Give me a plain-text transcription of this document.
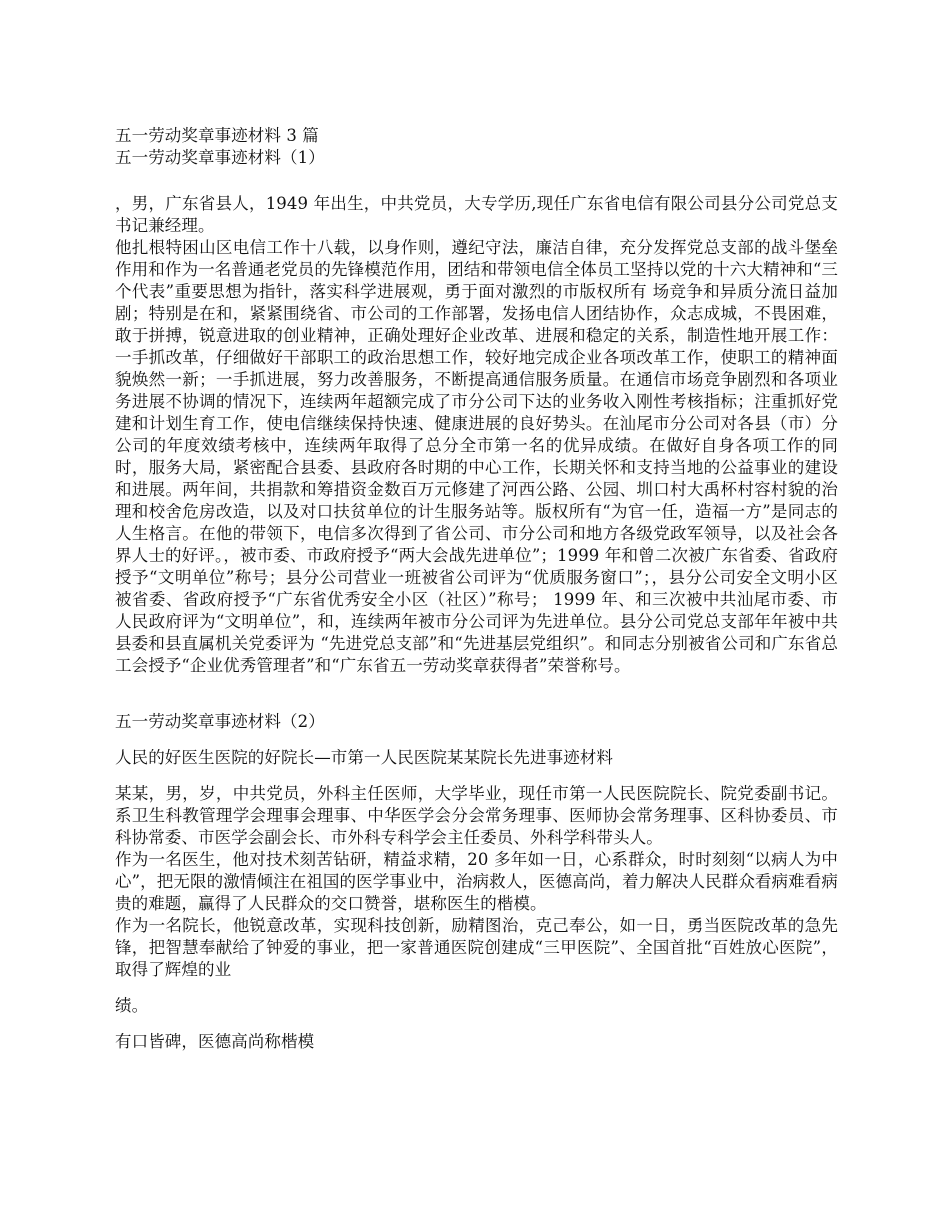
五一劳动奖章事迹材料 3 篇

五一劳动奖章事迹材料（1）

，男，广东省县人，1949 年出生，中共党员，大专学历,现任广东省电信有限公司县分公司党总支书记兼经理。

他扎根特困山区电信工作十八载，以身作则，遵纪守法，廉洁自律，充分发挥党总支部的战斗堡垒作用和作为一名普通老党员的先锋模范作用，团结和带领电信全体员工坚持以党的十六大精神和“三个代表”重要思想为指针，落实科学进展观，勇于面对激烈的市版权所有 场竞争和异质分流日益加剧；特别是在和，紧紧围绕省、市公司的工作部署，发扬电信人团结协作，众志成城，不畏困难，敢于拼搏，锐意进取的创业精神，正确处理好企业改革、进展和稳定的关系，制造性地开展工作：一手抓改革，仔细做好干部职工的政治思想工作，较好地完成企业各项改革工作，使职工的精神面貌焕然一新；一手抓进展，努力改善服务，不断提高通信服务质量。在通信市场竞争剧烈和各项业务进展不协调的情况下，连续两年超额完成了市分公司下达的业务收入刚性考核指标；注重抓好党建和计划生育工作，使电信继续保持快速、健康进展的良好势头。在汕尾市分公司对各县（市）分公司的年度效绩考核中，连续两年取得了总分全市第一名的优异成绩。在做好自身各项工作的同时，服务大局，紧密配合县委、县政府各时期的中心工作，长期关怀和支持当地的公益事业的建设和进展。两年间，共捐款和筹措资金数百万元修建了河西公路、公园、圳口村大禹杯村容村貌的治理和校舍危房改造，以及对口扶贫单位的计生服务站等。版权所有“为官一任，造福一方”是同志的人生格言。在他的带领下，电信多次得到了省公司、市分公司和地方各级党政军领导，以及社会各界人士的好评。，被市委、市政府授予“两大会战先进单位”；1999 年和曾二次被广东省委、省政府授予“文明单位”称号；县分公司营业一班被省公司评为“优质服务窗口”；，县分公司安全文明小区被省委、省政府授予“广东省优秀安全小区（社区）”称号； 1999 年、和三次被中共汕尾市委、市人民政府评为“文明单位”，和，连续两年被市分公司评为先进单位。县分公司党总支部年年被中共县委和县直属机关党委评为 “先进党总支部”和“先进基层党组织”。和同志分别被省公司和广东省总工会授予“企业优秀管理者”和“广东省五一劳动奖章获得者”荣誉称号。

五一劳动奖章事迹材料（2）

人民的好医生医院的好院长—市第一人民医院某某院长先进事迹材料

某某，男，岁，中共党员，外科主任医师，大学毕业，现任市第一人民医院院长、院党委副书记。系卫生科教管理学会理事会理事、中华医学会分会常务理事、医师协会常务理事、区科协委员、市科协常委、市医学会副会长、市外科专科学会主任委员、外科学科带头人。

作为一名医生，他对技术刻苦钻研，精益求精，20 多年如一日，心系群众，时时刻刻“以病人为中心”，把无限的激情倾注在祖国的医学事业中，治病救人，医德高尚，着力解决人民群众看病难看病贵的难题，赢得了人民群众的交口赞誉，堪称医生的楷模。

作为一名院长，他锐意改革，实现科技创新，励精图治，克己奉公，如一日，勇当医院改革的急先锋，把智慧奉献给了钟爱的事业，把一家普通医院创建成“三甲医院”、全国首批“百姓放心医院”，取得了辉煌的业

绩。

有口皆碑，医德高尚称楷模
